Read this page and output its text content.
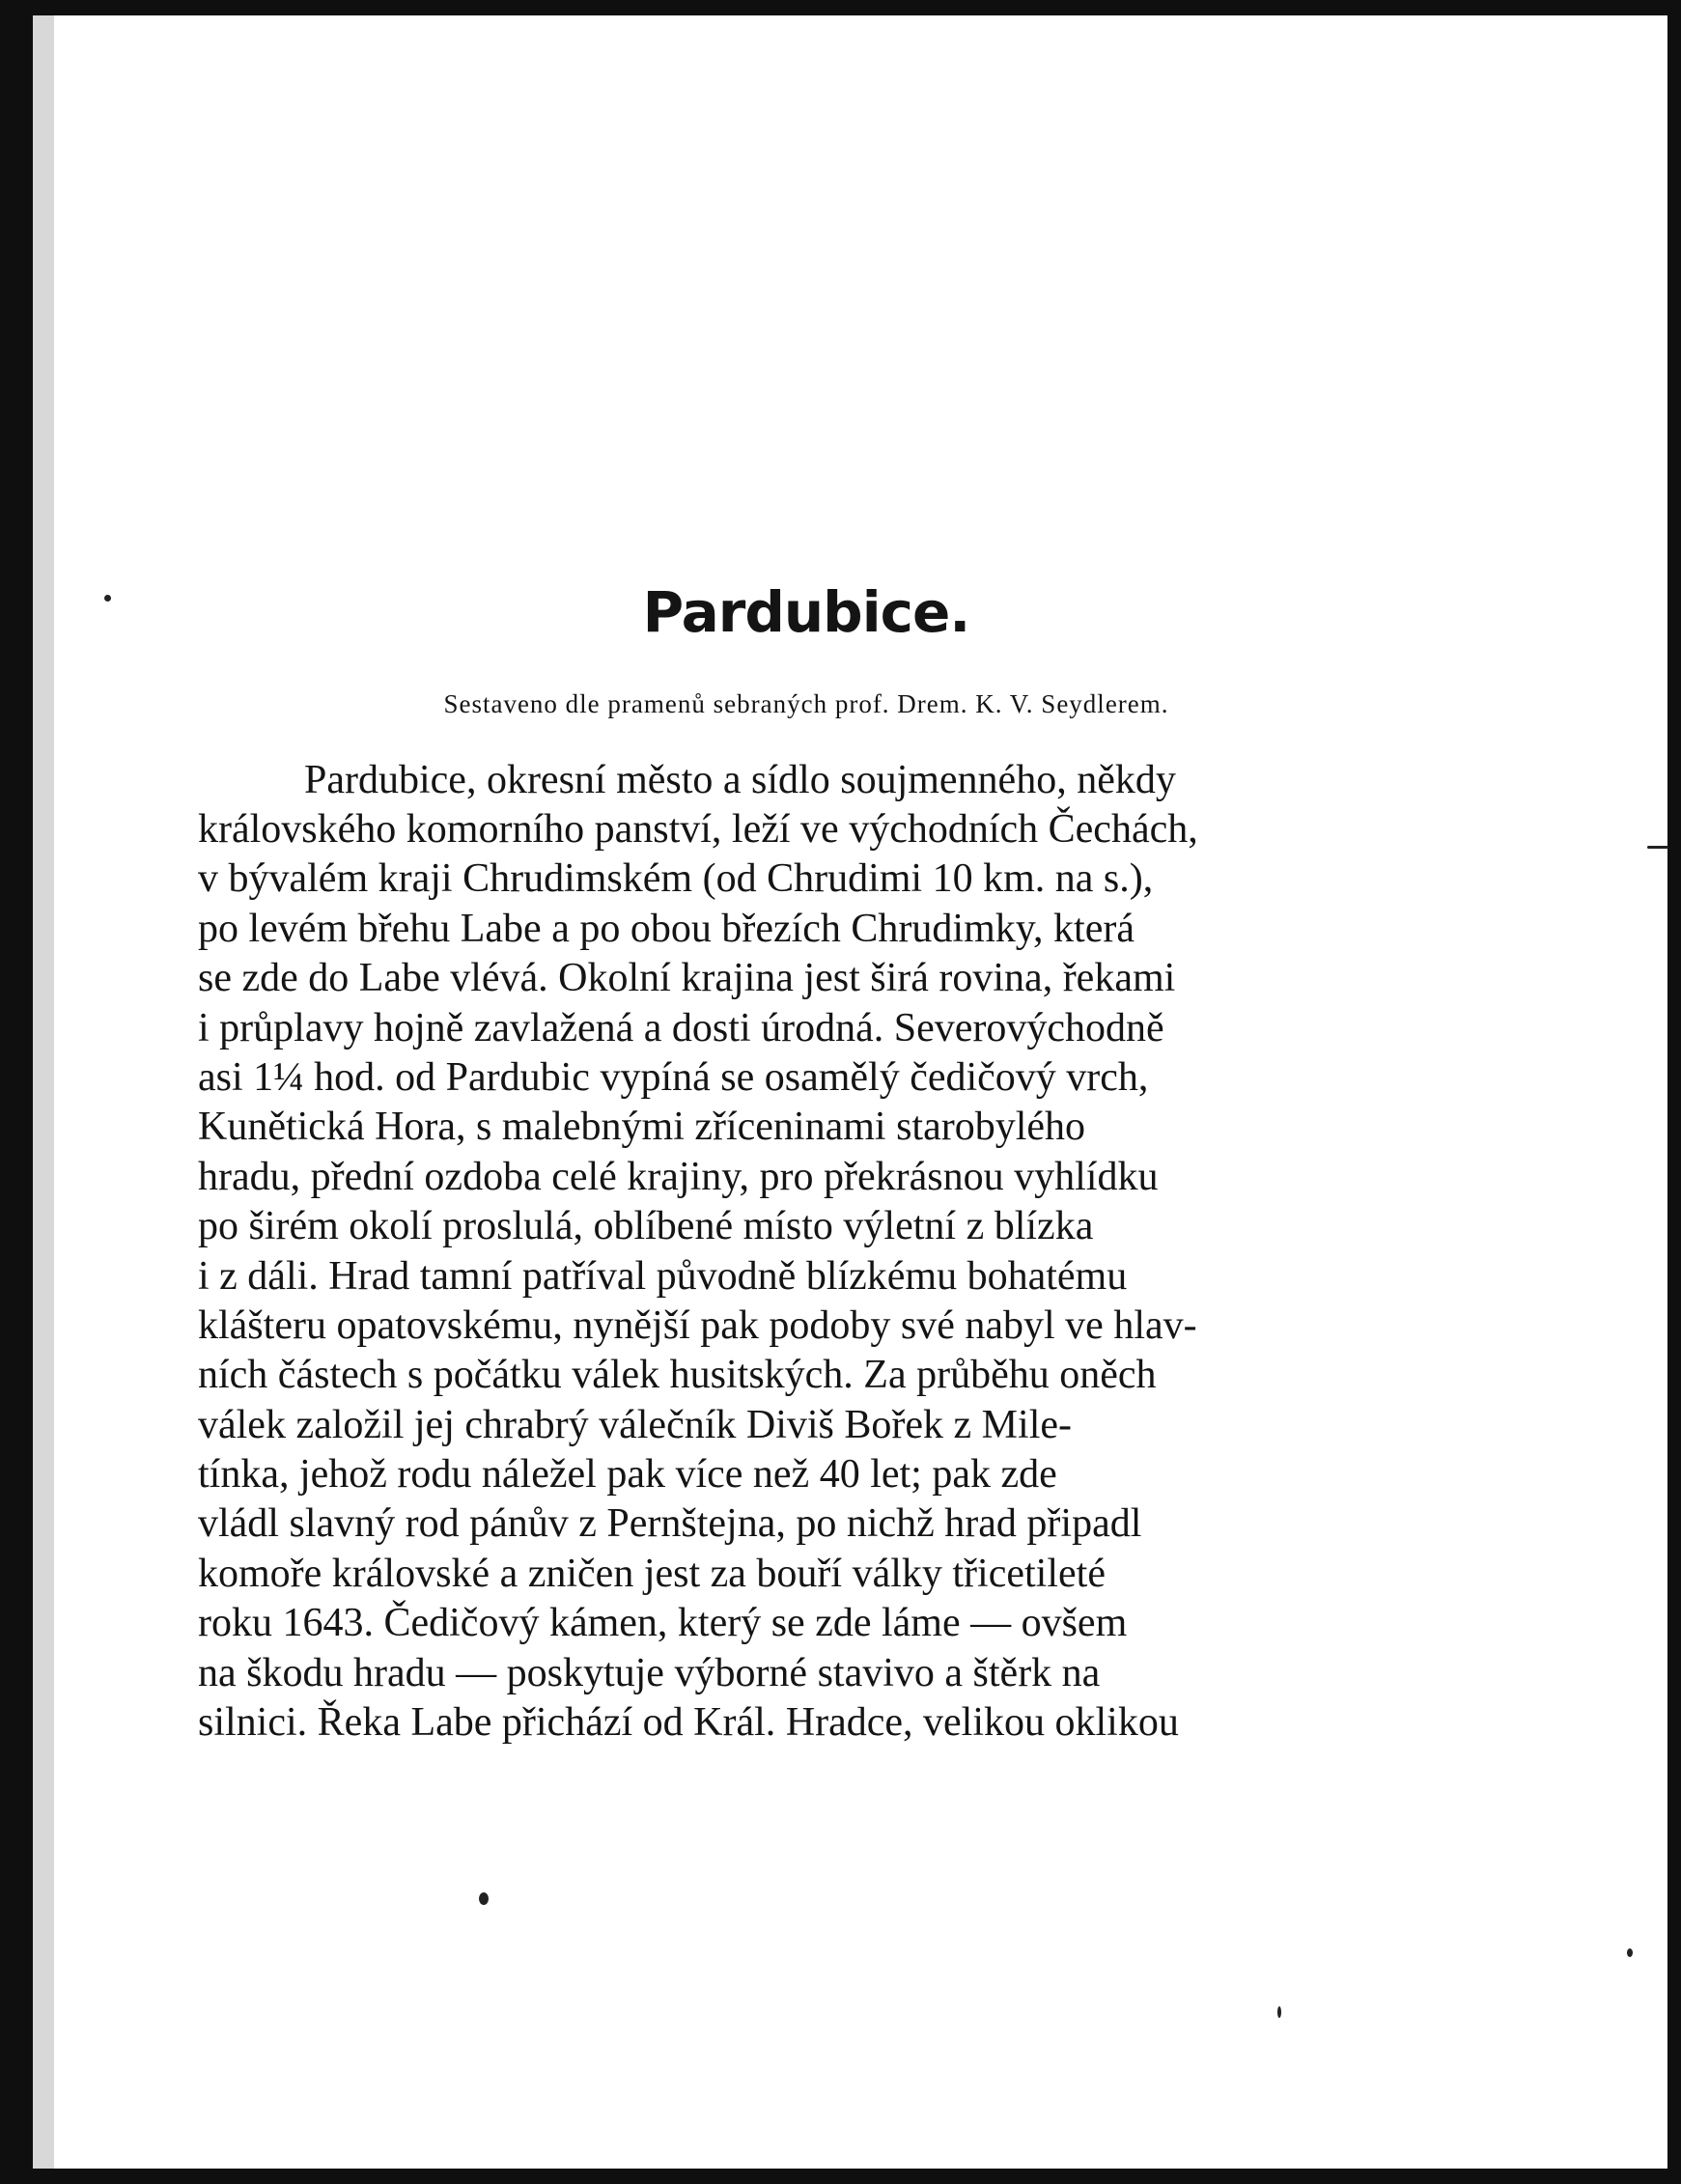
Pardubice.

Sestaveno dle pramenů sebraných prof. Drem. K. V. Seydlerem.

Pardubice, okresní město a sídlo soujmenného, někdy
královského komorního panství, leží ve východních Čechách,
v bývalém kraji Chrudimském (od Chrudimi 10 km. na s.),
po levém břehu Labe a po obou březích Chrudimky, která
se zde do Labe vlévá. Okolní krajina jest širá rovina, řekami
i průplavy hojně zavlažená a dosti úrodná. Severovýchodně
asi 1¼ hod. od Pardubic vypíná se osamělý čedičový vrch,
Kunětická Hora, s malebnými zříceninami starobylého
hradu, přední ozdoba celé krajiny, pro překrásnou vyhlídku
po širém okolí proslulá, oblíbené místo výletní z blízka
i z dáli. Hrad tamní patříval původně blízkému bohatému
klášteru opatovskému, nynější pak podoby své nabyl ve hlav-
ních částech s počátku válek husitských. Za průběhu oněch
válek založil jej chrabrý válečník Diviš Bořek z Mile-
tínka, jehož rodu náležel pak více než 40 let; pak zde
vládl slavný rod pánův z Pernštejna, po nichž hrad připadl
komoře královské a zničen jest za bouří války třicetileté
roku 1643. Čedičový kámen, který se zde láme — ovšem
na škodu hradu — poskytuje výborné stavivo a štěrk na
silnici. Řeka Labe přichází od Král. Hradce, velikou oklikou
